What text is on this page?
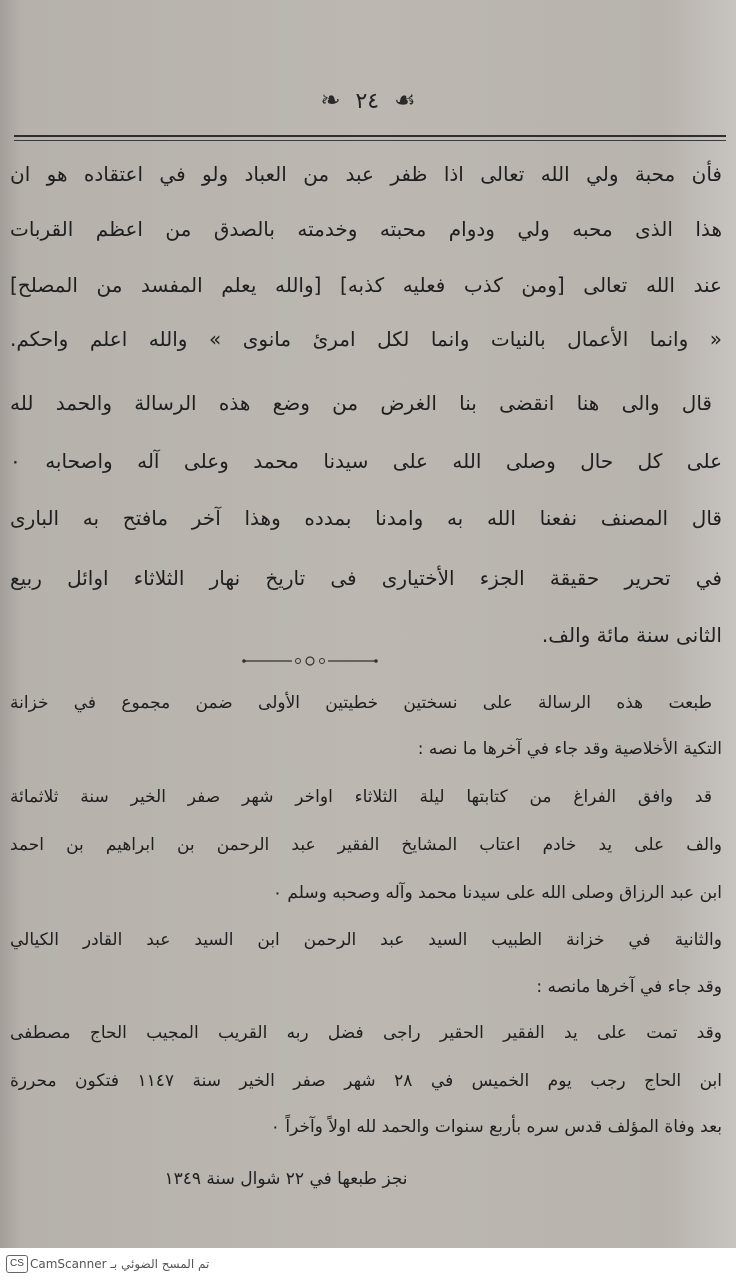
☙ ٢٤ ❧
فأن محبة ولي الله تعالى اذا ظفر عبد من العباد ولو في اعتقاده هو ان
هذا الذى محبه ولي ودوام محبته وخدمته بالصدق من اعظم القربات
عند الله تعالى [ومن كذب فعليه كذبه] [والله يعلم المفسد من المصلح]
« وانما الأعمال بالنيات وانما لكل امرئ مانوى » والله اعلم واحكم.
قال والى هنا انقضى بنا الغرض من وضع هذه الرسالة والحمد لله
على كل حال وصلى الله على سيدنا محمد وعلى آله واصحابه ٠
قال المصنف نفعنا الله به وامدنا بمدده وهذا آخر مافتح به البارى
في تحرير حقيقة الجزء الأختيارى فى تاريخ نهار الثلاثاء اوائل ربيع
الثانى سنة مائة والف.
طبعت هذه الرسالة على نسختين خطيتين الأولى ضمن مجموع في خزانة
التكية الأخلاصية وقد جاء في آخرها ما نصه :
قد وافق الفراغ من كتابتها ليلة الثلاثاء اواخر شهر صفر الخير سنة ثلاثمائة
والف على يد خادم اعتاب المشايخ الفقير عبد الرحمن بن ابراهيم بن احمد
ابن عبد الرزاق وصلى الله على سيدنا محمد وآله وصحبه وسلم ٠
والثانية في خزانة الطبيب السيد عبد الرحمن ابن السيد عبد القادر الكيالي
وقد جاء في آخرها مانصه :
وقد تمت على يد الفقير الحقير راجى فضل ربه القريب المجيب الحاج مصطفى
ابن الحاج رجب يوم الخميس في ٢٨ شهر صفر الخير سنة ١١٤٧ فتكون محررة
بعد وفاة المؤلف قدس سره بأربع سنوات والحمد لله اولاً وآخراً ٠
نجز طبعها في ٢٢ شوال سنة ١٣٤٩
CS تم المسح الضوئي بـ CamScanner
